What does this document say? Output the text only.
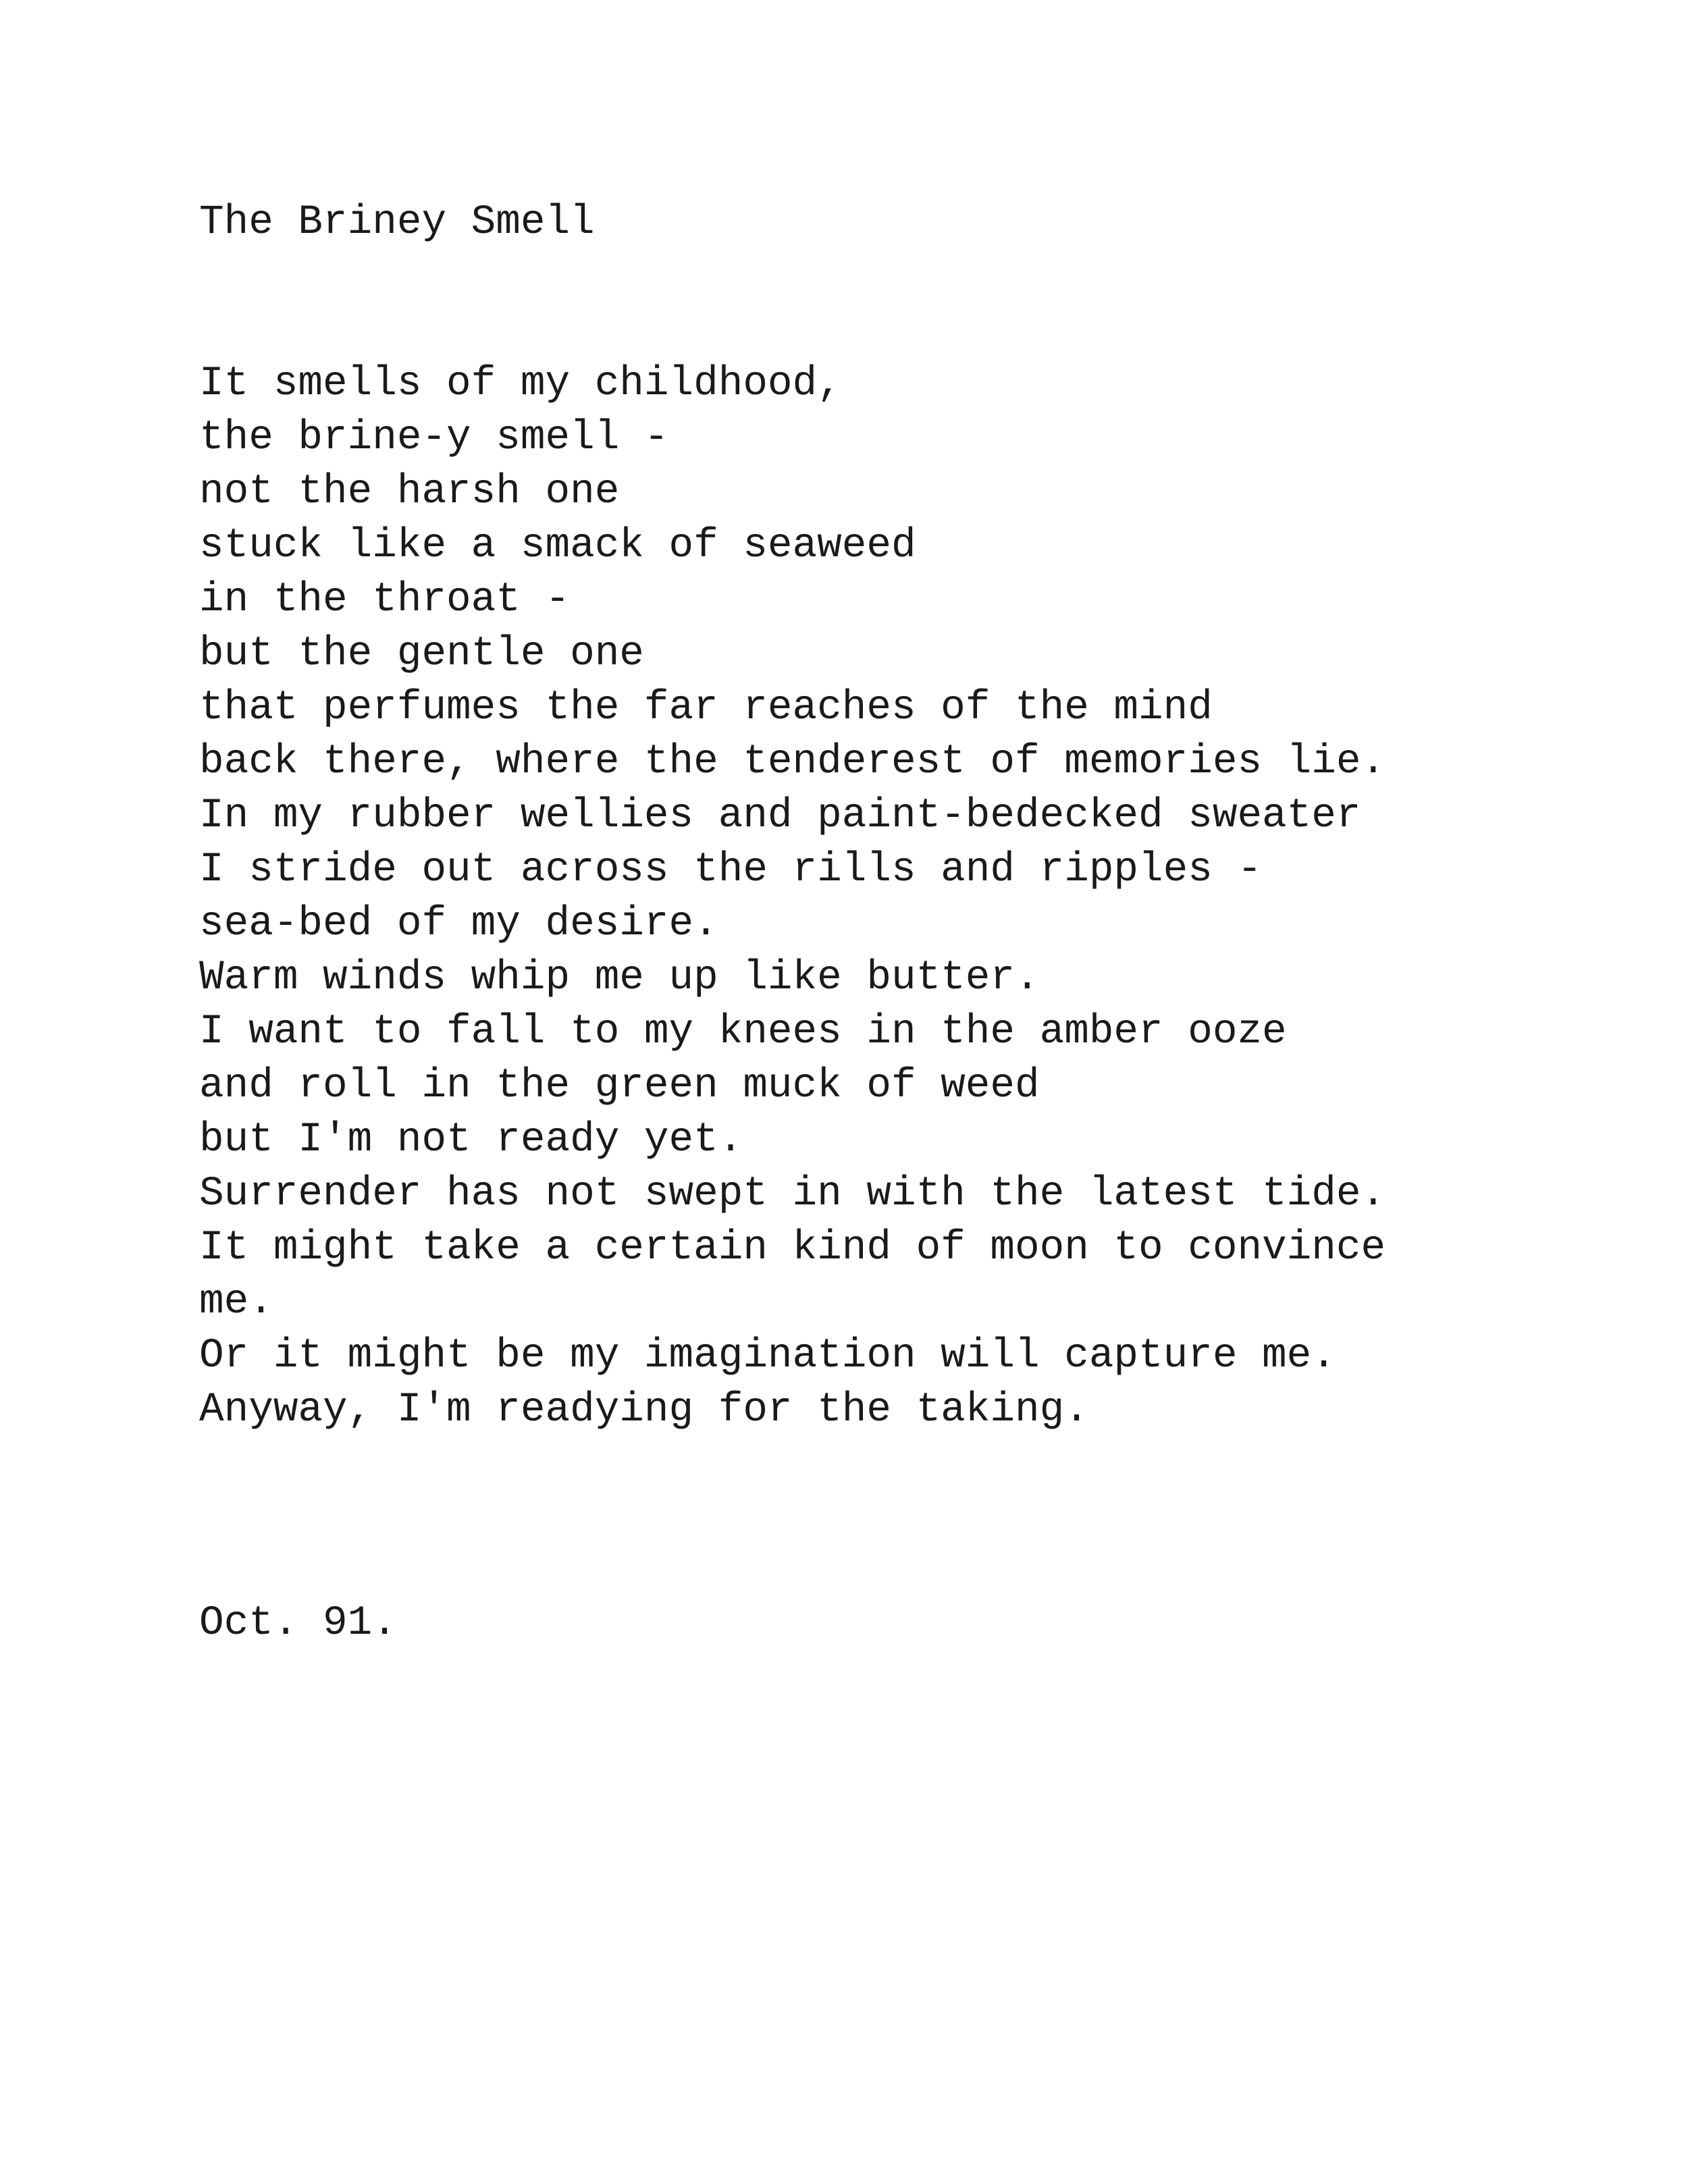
The Briney Smell
It smells of my childhood,
the brine-y smell -
not the harsh one
stuck like a smack of seaweed
in the throat -
but the gentle one
that perfumes the far reaches of the mind
back there, where the tenderest of memories lie.
In my rubber wellies and paint-bedecked sweater
I stride out across the rills and ripples -
sea-bed of my desire.
Warm winds whip me up like butter.
I want to fall to my knees in the amber ooze
and roll in the green muck of weed
but I'm not ready yet.
Surrender has not swept in with the latest tide.
It might take a certain kind of moon to convince
me.
Or it might be my imagination will capture me.
Anyway, I'm readying for the taking.

Oct. 91.
